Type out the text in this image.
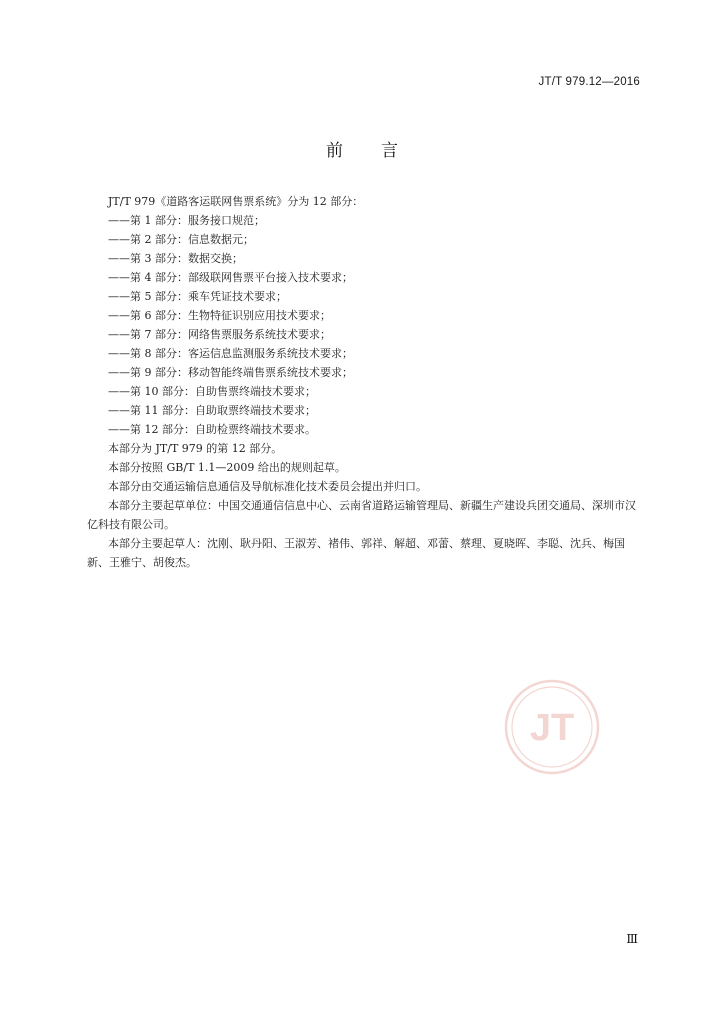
JT/T 979.12—2016
前言

JT/T 979《道路客运联网售票系统》分为 12 部分：

——第 1 部分：服务接口规范；

——第 2 部分：信息数据元；

——第 3 部分：数据交换；

——第 4 部分：部级联网售票平台接入技术要求；

——第 5 部分：乘车凭证技术要求；

——第 6 部分：生物特征识别应用技术要求；

——第 7 部分：网络售票服务系统技术要求；

——第 8 部分：客运信息监测服务系统技术要求；

——第 9 部分：移动智能终端售票系统技术要求；

——第 10 部分：自助售票终端技术要求；

——第 11 部分：自助取票终端技术要求；

——第 12 部分：自助检票终端技术要求。

本部分为 JT/T 979 的第 12 部分。

本部分按照 GB/T 1.1—2009 给出的规则起草。

本部分由交通运输信息通信及导航标准化技术委员会提出并归口。

本部分主要起草单位：中国交通通信信息中心、云南省道路运输管理局、新疆生产建设兵团交通局、深圳市汉亿科技有限公司。

本部分主要起草人：沈刚、耿丹阳、王淑芳、褚伟、郭祥、解超、邓蕾、蔡理、夏晓晖、李聪、沈兵、梅国新、王雅宁、胡俊杰。

JT
Ⅲ
